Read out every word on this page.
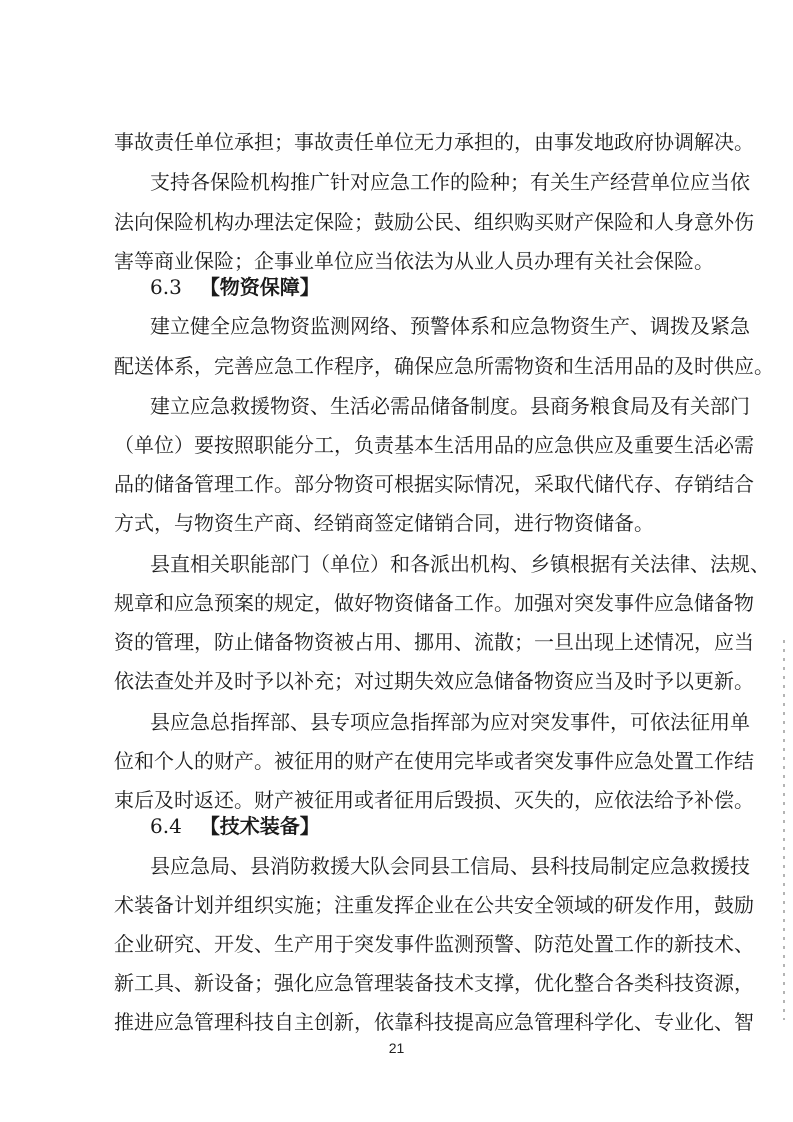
事故责任单位承担；事故责任单位无力承担的，由事发地政府协调解决。
支持各保险机构推广针对应急工作的险种；有关生产经营单位应当依
法向保险机构办理法定保险；鼓励公民、组织购买财产保险和人身意外伤
害等商业保险；企事业单位应当依法为从业人员办理有关社会保险。
6.3 【物资保障】
建立健全应急物资监测网络、预警体系和应急物资生产、调拨及紧急
配送体系，完善应急工作程序，确保应急所需物资和生活用品的及时供应。
建立应急救援物资、生活必需品储备制度。县商务粮食局及有关部门
（单位）要按照职能分工，负责基本生活用品的应急供应及重要生活必需
品的储备管理工作。部分物资可根据实际情况，采取代储代存、存销结合
方式，与物资生产商、经销商签定储销合同，进行物资储备。
县直相关职能部门（单位）和各派出机构、乡镇根据有关法律、法规、
规章和应急预案的规定，做好物资储备工作。加强对突发事件应急储备物
资的管理，防止储备物资被占用、挪用、流散；一旦出现上述情况，应当
依法查处并及时予以补充；对过期失效应急储备物资应当及时予以更新。
县应急总指挥部、县专项应急指挥部为应对突发事件，可依法征用单
位和个人的财产。被征用的财产在使用完毕或者突发事件应急处置工作结
束后及时返还。财产被征用或者征用后毁损、灭失的，应依法给予补偿。
6.4 【技术装备】
县应急局、县消防救援大队会同县工信局、县科技局制定应急救援技
术装备计划并组织实施；注重发挥企业在公共安全领域的研发作用，鼓励
企业研究、开发、生产用于突发事件监测预警、防范处置工作的新技术、
新工具、新设备；强化应急管理装备技术支撑，优化整合各类科技资源，
推进应急管理科技自主创新，依靠科技提高应急管理科学化、专业化、智
21
